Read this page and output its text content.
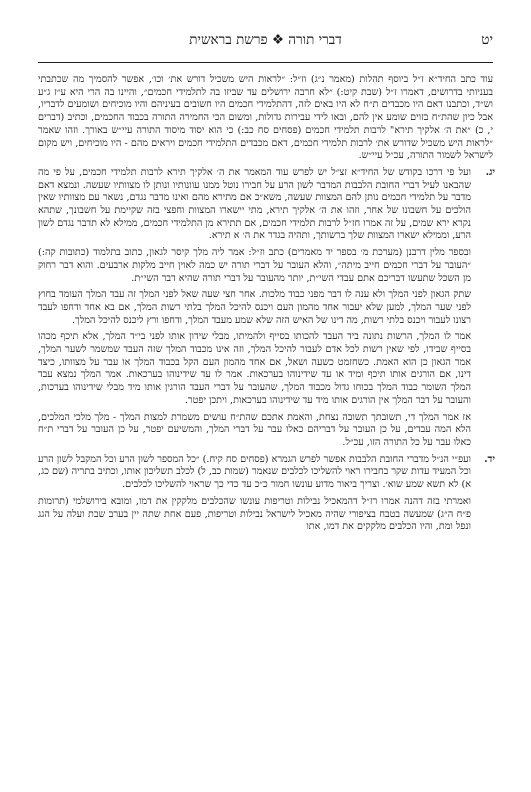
יט
דברי תורה ❖ פרשת בראשית

עוד כתב החיד״א ז״ל ביוסף תהלות (מאמר נ״ג) וז״ל: ״לראות היש משכיל דורש את׳ וכו׳, אפשר להסמיך מה שכתבתי בעניותי בדרושים, דאמרו ז״ל (שבת קיט:) ״לא חרבה ירושלים עד שביזו בה לתלמידי חכמים״, והיינו בה הרי היא ע״ז ג״ע וש״ד, וכתבנו דאם היו מכבדים ת״ח לא היו באים לזה, דהתלמידי חכמים היו חשובים בעיניהם והיו מוכיחים ושומעים לדבריו, אבל כיון שהת״ח בזוים שומע אין להם, ובאו לידי עבירות גדולות, ומשום הכי החמירה התורה בכבוד החכמים, וכתיב (דברים י, כ) ״את ה׳ אלקיך תירא" לרבות תלמידי חכמים (פסחים סח כב:) כי הוא יסוד מיסוד התורה עיי״ש באורך. וזהו שאמר ״לראות היש משכיל שדורש את׳ לרבות תלמידי חכמים, דאם מכבדים התלמידי חכמים ויראים מהם - היו מוכיחים, ויש מקום לישראל לשמור התורה, עכ״ל עיי״ש.

יג.
ועל פי דרכו בקודש של החיד״א זצ״ל יש לפרש עוד המאמר את ה׳ אלקיך תירא לרבות תלמידי חכמים, על פי מה שהבאנו לעיל דברי החובת הלבבות המדבר לשון הרע על חבירו נוטל ממנו עוונותיו ונותן לו מצוותיו שעשה. ונמצא דאם מדבר על תלמידי חכמים נותן להם המצוות שעשה, משא״כ אם מתירא מהם ואינו מדבר נגדם, נשאר עם מצוותיו שאין הולכים על חשבונו של אחר, וזהו את ה׳ אלקיך תירא, מתי יישארו המצוות וחפצי בזה שקיימת על חשבונך, שתהא נקרא ירא שמים, על זה אמרו חז״ל לרבות תלמידי חכמים, אם תתירא מן התלמידי חכמים, ממילא לא תדבר נגדם לשון הרע, וממילא ישארו המצוות שלך ברשותך, ותהיה בגדר את ה׳ א תירא.

ובספר מלין דרבנן (מערכת מ׳ בספר יד מאמרים) כתב וז״ל: אמר ליה מלך קיסר לגאון, כתוב בתלמוד (כתובות קה:) ״העובר על דברי חכמים חייב מיתה״, והלא העובר על דברי תורה יש כמה לאוין חייב מלקות ארבעים. והוא דבר רחוק מן השכל שתעשו דבריכם אתם עבדי השי״ת, יותר מהעובר על דברי תורה שהיא דבר השי״ת.

שתק הגאון לפני המלך ולא ענה לו דבר מפני כבוד מלכות. אחר חצי שעה שאל לפני המלך זה עבד המלך העומד בחוץ לפני שער המלך, למען שלא יעבור אחד מהמון העם ויכנס להיכל המלך בלתי רשות המלך, אם בא אחד ודחפו לעבד רצונו לעבור ויכנס בלתי רשות, מה דינו של האיש הזה שלא שמע מעבד המלך, ודחפו ורץ ליכנס להיכל המלך.

אמר לו המלך, הרשות נתונה ביד העבד להכותו בסייף ולהמיתו, מבלי שידון אותו לפני בי״ד המלך, אלא תיכף מכהו בסייף שבידו, לפי שאין רשות לכל אדם לעבור להיכל המלך, וזה אינו מכבוד המלך שזה העבד שמשמר לשער המלך, אמר הגאון כן הוא האמת. כשחזמט כשעה ושאל, אם אחד מהמון העם הקל בכבוד המלך או עבר על מצוותו, כיצד דינו, אם הורגים אותו תיכף ומיד או עד שידינוהו בערכאות. אמר לו עד שידינוהו בערכאות. אמר המלך נמצא עבד המלך השומר כבוד המלך בכוחו גדול מכבוד המלך, שהעובר על דברי העבד הורגין אותו מיד מבלי שידינוהו בערכות, והעובר על דבר המלך אין הורגים אותו מיד עד שידינוהו בערכאות, ויתכן יפטר.

אז אמר המלך די, תשובתך תשובה נצחת, והאמת אתכם שהת״ח עושים משמרת למצות המלך - מלך מלכי המלכים, הלא המה עבדים, על כן העובר על דבריהם כאלו עבר על דברי המלך, והמשיעם יפטר, על כן העובר על דברי ת״ח כאלו עבר על כל התורה הזו, עכ״ל.

יד.
ועפ״י הנ״ל מדברי החובת הלבבות אפשר לפרש הגמרא (פסחים סח קיח.) ״כל המספר לשון הרע וכל המקבל לשון הרע וכל המעיד עדות שקר בחבירו ראוי להשליכו לכלבים שנאמר (שמות כב, ל) לכלב תשליכון אותו, וכתיב בתריה (שם כג, א) לא תשא שמע שוא׳. וצריך ביאור מדוע עונשו חמור כ״כ עד כדי כך שראוי להשליכו לכלבים.

ואמרתי בזה דהנה אמרו רז״ל דהמאכיל נבילות וטריפות עונשו שהכלבים מלקקין את דמו, ומובא בירושלמי (תרומות פ״ח ה״ג) שמעשה בטבח בציפורי שהיה מאכיל לישראל נבילות וטריפות, פעם אחת שתה יין בערב שבת ועלה על הגג ונפל ומת, והיו הכלבים מלקקים את דמו, אתו
